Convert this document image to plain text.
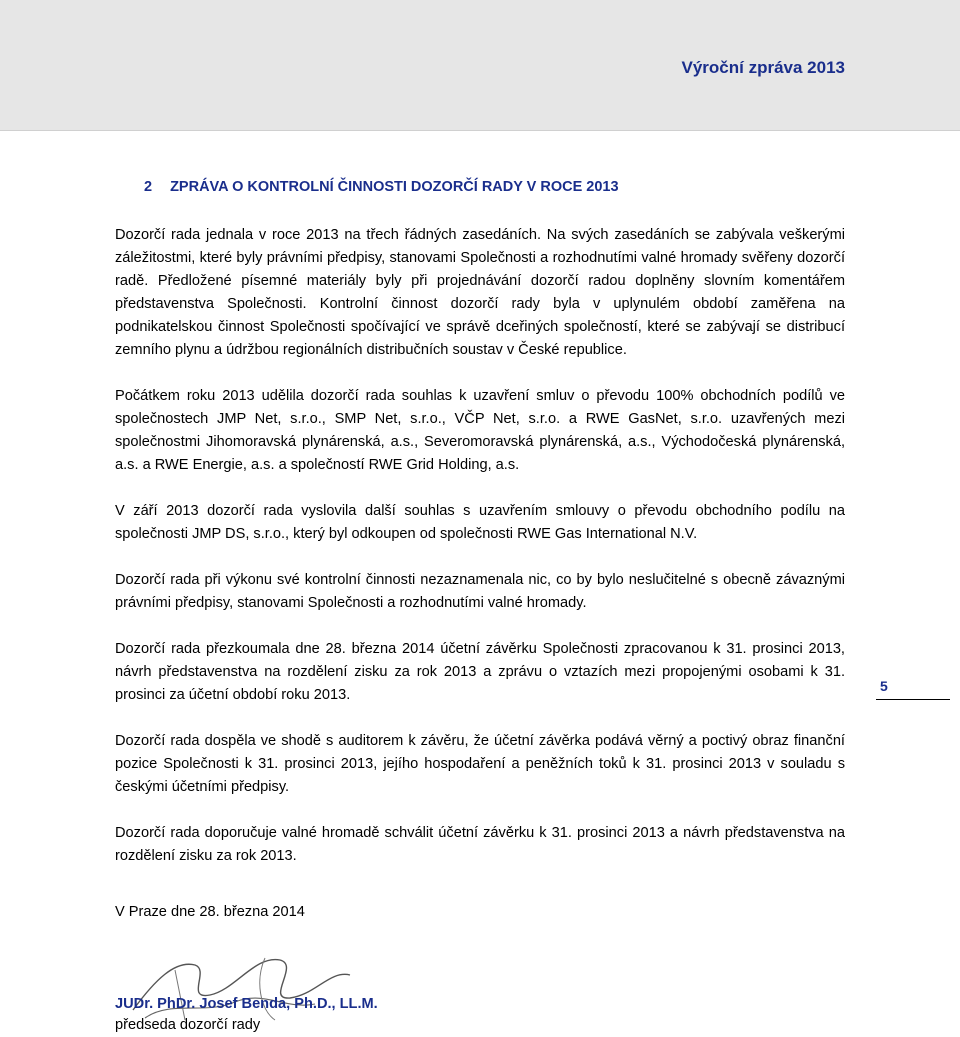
Výroční zpráva 2013
2 ZPRÁVA O KONTROLNÍ ČINNOSTI DOZORČÍ RADY V ROCE 2013

Dozorčí rada jednala v roce 2013 na třech řádných zasedáních. Na svých zasedáních se zabývala veškerými záležitostmi, které byly právními předpisy, stanovami Společnosti a rozhodnutími valné hromady svěřeny dozorčí radě. Předložené písemné materiály byly při projednávání dozorčí radou doplněny slovním komentářem představenstva Společnosti. Kontrolní činnost dozorčí rady byla v uplynulém období zaměřena na podnikatelskou činnost Společnosti spočívající ve správě dceřiných společností, které se zabývají se distribucí zemního plynu a údržbou regionálních distribučních soustav v České republice.

Počátkem roku 2013 udělila dozorčí rada souhlas k uzavření smluv o převodu 100% obchodních podílů ve společnostech JMP Net, s.r.o., SMP Net, s.r.o., VČP Net, s.r.o. a RWE GasNet, s.r.o. uzavřených mezi společnostmi Jihomoravská plynárenská, a.s., Severomoravská plynárenská, a.s., Východočeská plynárenská, a.s. a RWE Energie, a.s. a společností RWE Grid Holding, a.s.

V září 2013 dozorčí rada vyslovila další souhlas s uzavřením smlouvy o převodu obchodního podílu na společnosti JMP DS, s.r.o., který byl odkoupen od společnosti RWE Gas International N.V.

Dozorčí rada při výkonu své kontrolní činnosti nezaznamenala nic, co by bylo neslučitelné s obecně závaznými právními předpisy, stanovami Společnosti a rozhodnutími valné hromady.

Dozorčí rada přezkoumala dne 28. března 2014 účetní závěrku Společnosti zpracovanou k 31. prosinci 2013, návrh představenstva na rozdělení zisku za rok 2013 a zprávu o vztazích mezi propojenými osobami k 31. prosinci za účetní období roku 2013.

Dozorčí rada dospěla ve shodě s auditorem k závěru, že účetní závěrka podává věrný a poctivý obraz finanční pozice Společnosti k 31. prosinci 2013, jejího hospodaření a peněžních toků k 31. prosinci 2013 v souladu s českými účetními předpisy.

Dozorčí rada doporučuje valné hromadě schválit účetní závěrku k 31. prosinci 2013 a návrh představenstva na rozdělení zisku za rok 2013.

V Praze dne 28. března 2014
JUDr. PhDr. Josef Benda, Ph.D., LL.M.
předseda dozorčí rady
5
